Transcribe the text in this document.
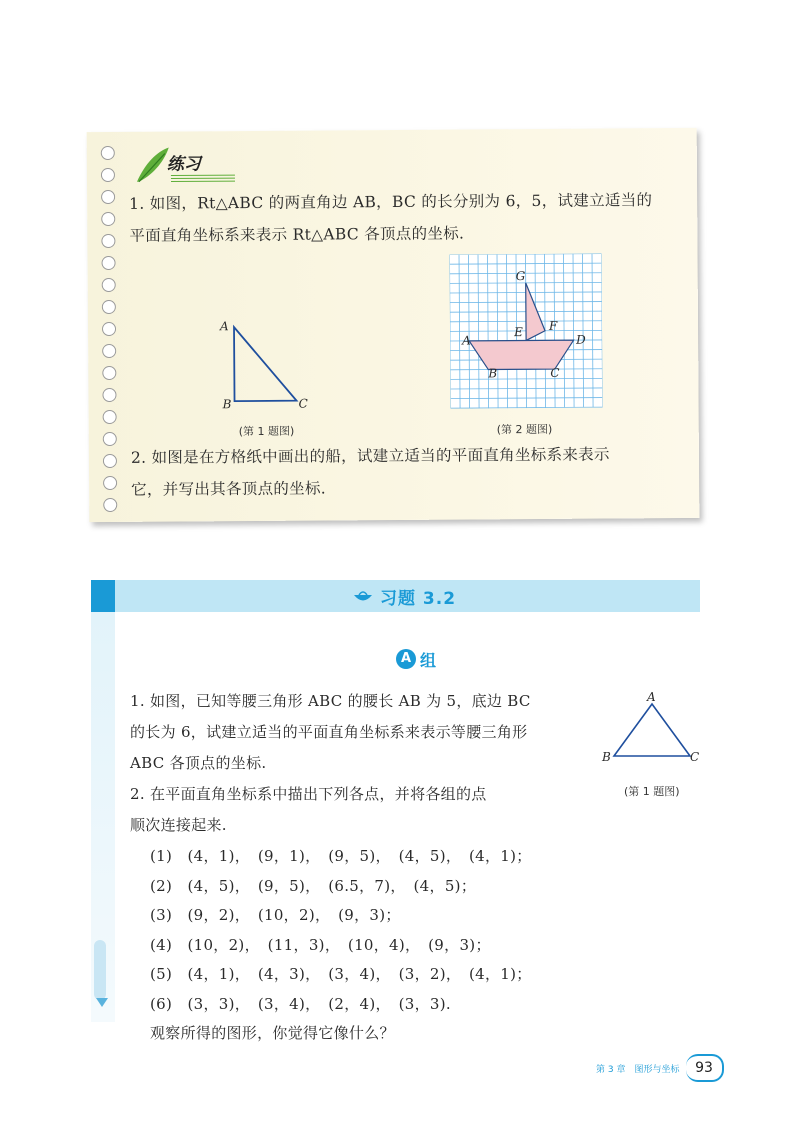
练习
1. 如图，Rt△ABC 的两直角边 AB，BC 的长分别为 6，5，试建立适当的
平面直角坐标系来表示 Rt△ABC 各顶点的坐标.
A
B	C
(第 1 题图)
G
E F
A	D
B	C
(第 2 题图)
2. 如图是在方格纸中画出的船，试建立适当的平面直角坐标系来表示
它，并写出其各顶点的坐标.
习题 3.2
A 组
1. 如图，已知等腰三角形 ABC 的腰长 AB 为 5，底边 BC
的长为 6，试建立适当的平面直角坐标系来表示等腰三角形
ABC 各顶点的坐标.
2. 在平面直角坐标系中描出下列各点，并将各组的点
顺次连接起来.
(1)　(4，1)，　(9，1)，　(9，5)，　(4，5)，　(4，1)；
(2)　(4，5)，　(9，5)，　(6.5，7)，　(4，5)；
(3)　(9，2)，　(10，2)，　(9，3)；
(4)　(10，2)，　(11，3)，　(10，4)，　(9，3)；
(5)　(4，1)，　(4，3)，　(3，4)，　(3，2)，　(4，1)；
(6)　(3，3)，　(3，4)，　(2，4)，　(3，3).
观察所得的图形，你觉得它像什么？
A
B	C
(第 1 题图)
第 3 章　图形与坐标	93
